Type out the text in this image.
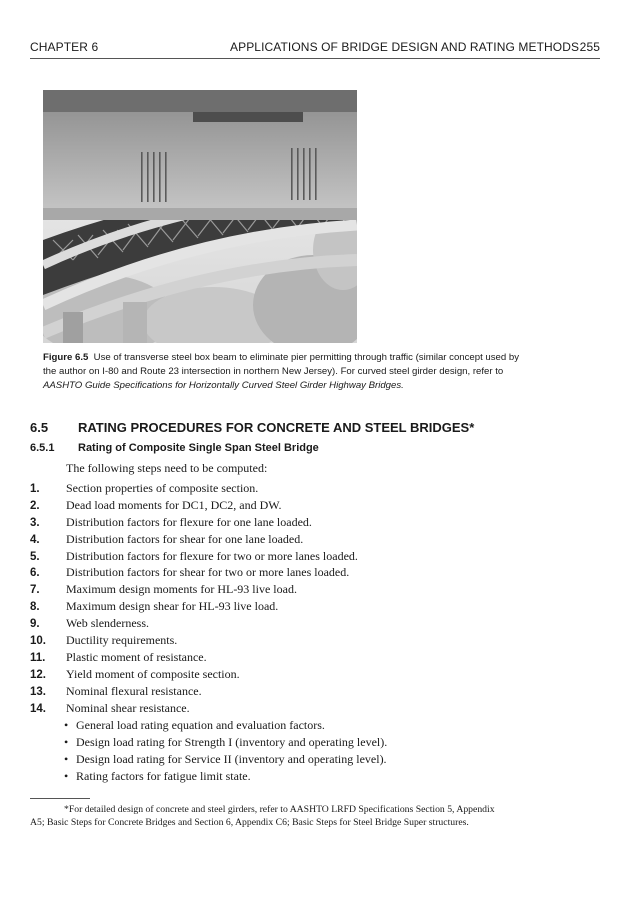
CHAPTER 6	APPLICATIONS OF BRIDGE DESIGN AND RATING METHODS 255
Figure 6.5 Use of transverse steel box beam to eliminate pier permitting through traffic (similar concept used by the author on I-80 and Route 23 intersection in northern New Jersey). For curved steel girder design, refer to AASHTO Guide Specifications for Horizontally Curved Steel Girder Highway Bridges.
6.5 RATING PROCEDURES FOR CONCRETE AND STEEL BRIDGES*
6.5.1 Rating of Composite Single Span Steel Bridge
The following steps need to be computed:
1. Section properties of composite section.
2. Dead load moments for DC1, DC2, and DW.
3. Distribution factors for flexure for one lane loaded.
4. Distribution factors for shear for one lane loaded.
5. Distribution factors for flexure for two or more lanes loaded.
6. Distribution factors for shear for two or more lanes loaded.
7. Maximum design moments for HL-93 live load.
8. Maximum design shear for HL-93 live load.
9. Web slenderness.
10. Ductility requirements.
11. Plastic moment of resistance.
12. Yield moment of composite section.
13. Nominal flexural resistance.
14. Nominal shear resistance.
• General load rating equation and evaluation factors.
• Design load rating for Strength I (inventory and operating level).
• Design load rating for Service II (inventory and operating level).
• Rating factors for fatigue limit state.
*For detailed design of concrete and steel girders, refer to AASHTO LRFD Specifications Section 5, Appendix A5; Basic Steps for Concrete Bridges and Section 6, Appendix C6; Basic Steps for Steel Bridge Super structures.
